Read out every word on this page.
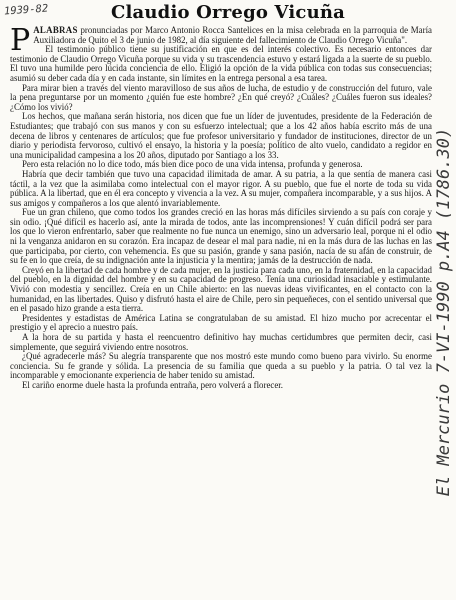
1939-82	Claudio Orrego Vicuña

PALABRAS pronunciadas por Marco Antonio Rocca Santelices en la misa celebrada en la parroquia de María Auxiliadora de Quito el 3 de junio de 1982, al día siguiente del fallecimiento de Claudio Orrego Vicuña".

El testimonio público tiene su justificación en que es del interés colectivo. Es necesario entonces dar testimonio de Claudio Orrego Vicuña porque su vida y su trascendencia estuvo y estará ligada a la suerte de su pueblo. El tuvo una humilde pero lúcida conciencia de ello. Eligió la opción de la vida pública con todas sus consecuencias; asumió su deber cada día y en cada instante, sin límites en la entrega personal a esa tarea.

Para mirar bien a través del viento maravilloso de sus años de lucha, de estudio y de construcción del futuro, vale la pena preguntarse por un momento ¿quién fue este hombre? ¿En qué creyó? ¿Cuáles? ¿Cuáles fueron sus ideales? ¿Cómo los vivió?

Los hechos, que mañana serán historia, nos dicen que fue un líder de juventudes, presidente de la Federación de Estudiantes; que trabajó con sus manos y con su esfuerzo intelectual; que a los 42 años había escrito más de una decena de libros y centenares de artículos; que fue profesor universitario y fundador de instituciones, director de un diario y periodista fervoroso, cultivó el ensayo, la historia y la poesía; político de alto vuelo, candidato a regidor en una municipalidad campesina a los 20 años, diputado por Santiago a los 33.

Pero esta relación no lo dice todo, más bien dice poco de una vida intensa, profunda y generosa.

Habría que decir también que tuvo una capacidad ilimitada de amar. A su patria, a la que sentía de manera casi táctil, a la vez que la asimilaba como intelectual con el mayor rigor. A su pueblo, que fue el norte de toda su vida pública. A la libertad, que en él era concepto y vivencia a la vez. A su mujer, compañera incomparable, y a sus hijos. A sus amigos y compañeros a los que alentó invariablemente.

Fue un gran chileno, que como todos los grandes creció en las horas más difíciles sirviendo a su país con coraje y sin odio. ¡Qué difícil es hacerlo así, ante la mirada de todos, ante las incomprensiones! Y cuán difícil podrá ser para los que lo vieron enfrentarlo, saber que realmente no fue nunca un enemigo, sino un adversario leal, porque ni el odio ni la venganza anidaron en su corazón. Era incapaz de desear el mal para nadie, ni en la más dura de las luchas en las que participaba, por cierto, con vehemencia. Es que su pasión, grande y sana pasión, nacía de su afán de construir, de su fe en lo que creía, de su indignación ante la injusticia y la mentira; jamás de la destrucción de nada.

Creyó en la libertad de cada hombre y de cada mujer, en la justicia para cada uno, en la fraternidad, en la capacidad del pueblo, en la dignidad del hombre y en su capacidad de progreso. Tenía una curiosidad insaciable y estimulante. Vivió con modestia y sencillez. Creía en un Chile abierto: en las nuevas ideas vivificantes, en el contacto con la humanidad, en las libertades. Quiso y disfrutó hasta el aire de Chile, pero sin pequeñeces, con el sentido universal que en el pasado hizo grande a esta tierra.

Presidentes y estadistas de América Latina se congratulaban de su amistad. El hizo mucho por acrecentar el prestigio y el aprecio a nuestro país.

A la hora de su partida y hasta el reencuentro definitivo hay muchas certidumbres que permiten decir, casi simplemente, que seguirá viviendo entre nosotros.

¿Qué agradecerle más? Su alegría transparente que nos mostró este mundo como bueno para vivirlo. Su enorme conciencia. Su fe grande y sólida. La presencia de su familia que queda a su pueblo y la patria. O tal vez la incomparable y emocionante experiencia de haber tenido su amistad.

El cariño enorme duele hasta la profunda entraña, pero volverá a florecer.	El Mercurio 7-VI-1990 p.A4 (1786.30)
